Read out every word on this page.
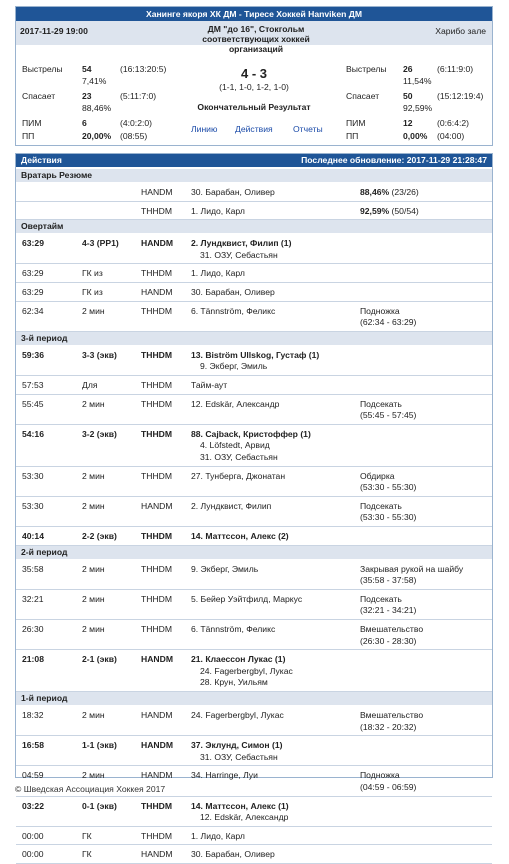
Ханинге якоря ХК ДМ - Тиресе Хоккей Hanviken ДМ
2017-11-29 19:00	ДМ "до 16", Стокгольм соответствующих хоккей организаций
Харибо зале
Выстрелы 54	(16:13:20:5)
7,41%
Спасает	23	(5:11:7:0)
88,46%
ПИМ	6	(4:0:2:0)
ПП	20,00% (08:55)
4 - 3
(1-1, 1-0, 1-2, 1-0)
Окончательный Результат
Линию Действия Отчеты
Выстрелы 26	(6:11:9:0)
11,54%
Спасает	50	(15:12:19:4)
92,59%
ПИМ	12	(0:6:4:2)
ПП	0,00% (04:00)
Действия	Последнее обновление: 2017-11-29 21:28:47
Вратарь Резюме
HANDM 30. Барабан, Оливер	88,46% (23/26)
THHDM 1. Лидо, Карл	92,59% (50/54)
Овертайм
63:29	4-3 (PP1)	HANDM 2. Лундквист, Филип (1)
31. ОЗУ, Себастьян
63:29	ГК из	THHDM 1. Лидо, Карл
63:29	ГК из	HANDM 30. Барабан, Оливер
62:34	2 мин	THHDM 6. Tännström, Феликс	Подножка
(62:34 - 63:29)
3-й период
59:36	3-3 (экв)	THHDM 13. Biström Ullskog, Густаф (1)
9. Экберг, Эмиль
57:53	Для	THHDM Тайм-аут
55:45	2 мин	THHDM 12. Edskär, Александр	Подсекать
(55:45 - 57:45)
54:16	3-2 (экв)	THHDM 88. Cajback, Кристоффер (1)
4. Löfstedt, Арвид
31. ОЗУ, Себастьян
53:30	2 мин	THHDM 27. Тунберга, Джонатан	Обдирка
(53:30 - 55:30)
53:30	2 мин	HANDM 2. Лундквист, Филип	Подсекать
(53:30 - 55:30)
40:14	2-2 (экв)	THHDM 14. Маттссон, Алекс (2)
2-й период
35:58	2 мин	THHDM 9. Экберг, Эмиль	Закрывая рукой на шайбу
(35:58 - 37:58)
32:21	2 мин	THHDM 5. Бейер Уэйтфилд, Маркус	Подсекать
(32:21 - 34:21)
26:30	2 мин	THHDM 6. Tännström, Феликс	Вмешательство
(26:30 - 28:30)
21:08	2-1 (экв)	HANDM 21. Клаессон Лукас (1)
24. Fagerbergbyl, Лукас
28. Крун, Уильям
1-й период
18:32	2 мин	HANDM 24. Fagerbergbyl, Лукас	Вмешательство
(18:32 - 20:32)
16:58	1-1 (экв)	HANDM 37. Эклунд, Симон (1)
31. ОЗУ, Себастьян
04:59	2 мин	HANDM 34. Harringe, Луи	Подножка
(04:59 - 06:59)
03:22	0-1 (экв)	THHDM 14. Маттссон, Алекс (1)
12. Edskär, Александр
00:00	ГК	THHDM 1. Лидо, Карл
00:00	ГК	HANDM 30. Барабан, Оливер
© Шведская Ассоциация Хоккея 2017
